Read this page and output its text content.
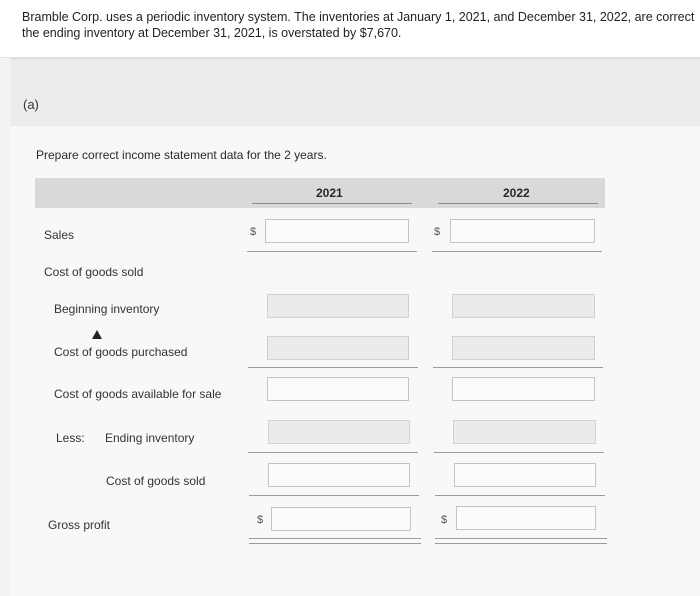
Bramble Corp. uses a periodic inventory system. The inventories at January 1, 2021, and December 31, 2022, are correct
the ending inventory at December 31, 2021, is overstated by $7,670.

(a)
Prepare correct income statement data for the 2 years.
2021	2022
Sales	$	$
Cost of goods sold
Beginning inventory
Cost of goods purchased
Cost of goods available for sale
Less: Ending inventory
Cost of goods sold
Gross profit	$	$
